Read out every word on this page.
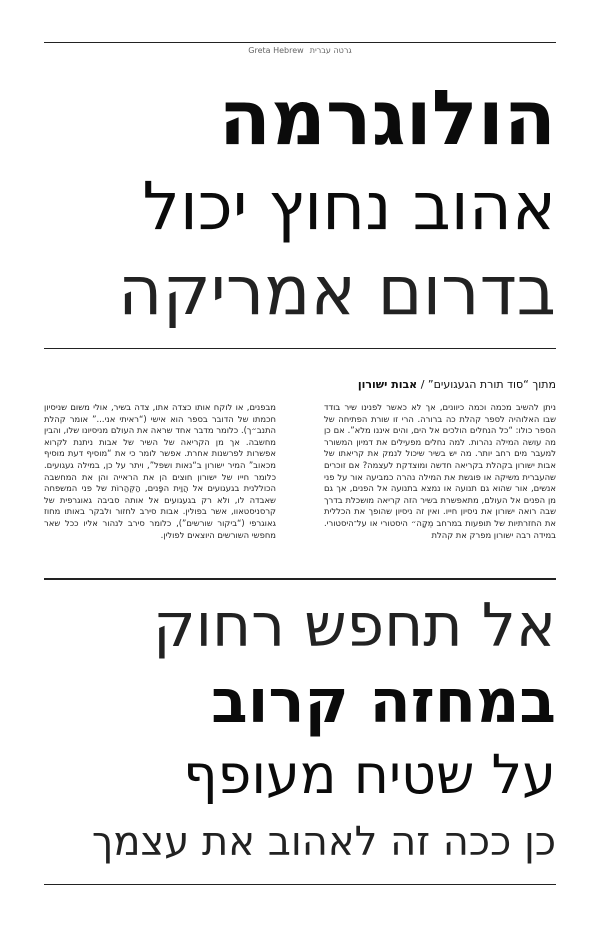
Greta Hebrew גרטה עברית
הולוגרמה
אהוב נחוץ יכול
בדרום אמריקה
מתוך “סוד תורת הגעגועים” / אבות ישורון
ניתן להשיב מכמה וכמה כיוונים, אך לא כאשר לפנינו שיר בודד שבו האלוהיה לספר קהלת כה ברורה. הרי זו שורת הפתיחה של הספר כולו: “כל הנחלים הולכים אל הים, והים איננו מלא”. אם כן מה עושה המילה נהרות. למה נחלים מפעילים את דמיון המשורר למעבר מים רחב יותר. מה יש בשיר שיכול לנמק את קריאתו של אבות ישורון בקהלת בקריאה חדשה ומוצדקת לעצמה? אם זוכרים שהעברית משיקה או פוגשת את המילה נהרה כמביעה אור על פני אנשים, אור שהוא גם תנועה או נמצא בתנועה אל הפנים, אך גם מן הפנים אל העולם, מתאפשרת בשיר הזה קריאה מושכלת בדרך שבה רואה ישורון את ניסיון חייו. ואין זה ניסיון שהופך את הכללית את החזרתיות של תופעות במרחב מְקָה״ היסטורי או על־היסטורי. במידה רבה ישורון מפרק את קהלת
מבפנים, או לוקח אותו כצדה אתו, צדה בשיר, אולי משום שניסיון חכמתו של הדובר בספר הוא אישי (“ראיתי אני...” אומר קהלת התנב״ך). כלומר מדבר אחד שראה את העולם מניסיונו שלו, והבין מחשבה. אך מן הקריאה של השיר של אבות ניתנת לקרוא אפשרות לפרשנות אחרת. אפשר לומר כי את “מוסיף דעת מוסיף מכאוב” המיר ישורון ב“נאות ושפל”, ויתר על כן, במילה געגועים. כלומר חייו של ישורון חוצים הן את הראייה והן את המחשבה הכוללנית בגעגועים אל הֲוַית הפָּנים, הַקְּהַרוֹת של פני המשפחה שאבדה לו, ולא רק בגעגועים אל אותה סביבה גאוגרפית של קרסניסטאוו, אשר בפולין. אבות סירב לחזור ולבקר באותו מחוז גאוגרפי (“ביקור שורשים”), כלומר סירב לנהור אליו ככל שאר מחפשי השורשים היוצאים לפולין.
אל תחפש רחוק
במחזה קרוב
על שטיח מעופף
כן ככה זה לאהוב את עצמך
